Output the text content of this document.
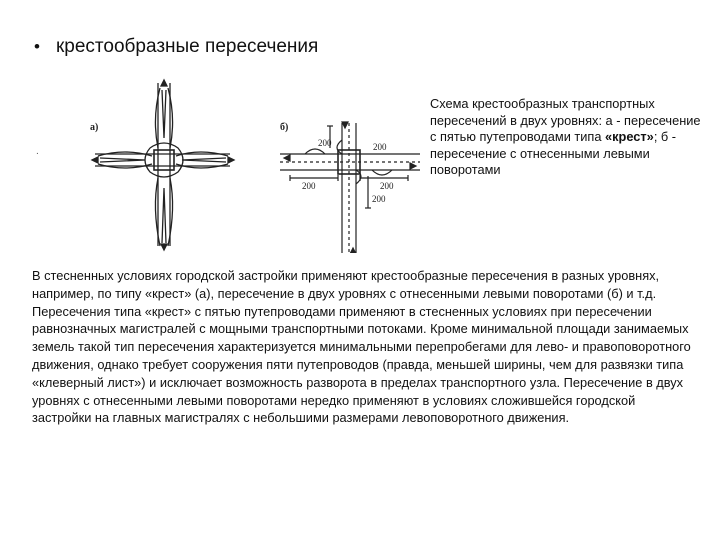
• крестообразные пересечения
.
а)	б)
200	200
200	200
200
Схема крестообразных транспортных пересечений в двух уровнях: а - пересечение с пятью путепроводами типа «крест»; б - пересечение с отнесенными левыми поворотами
В стесненных условиях городской застройки применяют крестообразные пересечения в разных уровнях, например, по типу «крест» (а), пересечение в двух уровнях с отнесенными левыми поворотами (б) и т.д. Пересечения типа «крест» с пятью путепроводами применяют в стесненных условиях при пересечении равнозначных магистралей с мощными транспортными потоками. Кроме минимальной площади занимаемых земель такой тип пересечения характеризуется минимальными перепробегами для лево- и правоповоротного движения, однако требует сооружения пяти путепроводов (правда, меньшей ширины, чем для развязки типа «клеверный лист») и исключает возможность разворота в пределах транспортного узла. Пересечение в двух уровнях с отнесенными левыми поворотами нередко применяют в условиях сложившейся городской застройки на главных магистралях с небольшими размерами левоповоротного движения.
